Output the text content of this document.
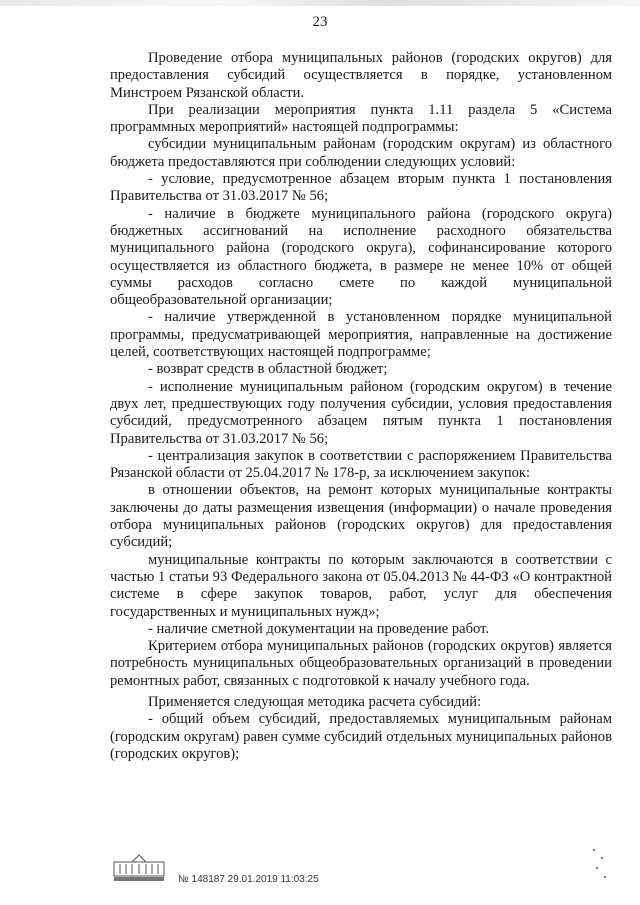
23

Проведение отбора муниципальных районов (городских округов) для предоставления субсидий осуществляется в порядке, установленном Минстроем Рязанской области.

При реализации мероприятия пункта 1.11 раздела 5 «Система программных мероприятий» настоящей подпрограммы:

субсидии муниципальным районам (городским округам) из областного бюджета предоставляются при соблюдении следующих условий:

- условие, предусмотренное абзацем вторым пункта 1 постановления Правительства от 31.03.2017 № 56;

- наличие в бюджете муниципального района (городского округа) бюджетных ассигнований на исполнение расходного обязательства муниципального района (городского округа), софинансирование которого осуществляется из областного бюджета, в размере не менее 10% от общей суммы расходов согласно смете по каждой муниципальной общеобразовательной организации;

- наличие утвержденной в установленном порядке муниципальной программы, предусматривающей мероприятия, направленные на достижение целей, соответствующих настоящей подпрограмме;

- возврат средств в областной бюджет;

- исполнение муниципальным районом (городским округом) в течение двух лет, предшествующих году получения субсидии, условия предоставления субсидий, предусмотренного абзацем пятым пункта 1 постановления Правительства от 31.03.2017 № 56;

- централизация закупок в соответствии с распоряжением Правительства Рязанской области от 25.04.2017 № 178-р, за исключением закупок:

в отношении объектов, на ремонт которых муниципальные контракты заключены до даты размещения извещения (информации) о начале проведения отбора муниципальных районов (городских округов) для предоставления субсидий;

муниципальные контракты по которым заключаются в соответствии с частью 1 статьи 93 Федерального закона от 05.04.2013 № 44-ФЗ «О контрактной системе в сфере закупок товаров, работ, услуг для обеспечения государственных и муниципальных нужд»;

- наличие сметной документации на проведение работ.

Критерием отбора муниципальных районов (городских округов) является потребность муниципальных общеобразовательных организаций в проведении ремонтных работ, связанных с подготовкой к началу учебного года.

Применяется следующая методика расчета субсидий:

- общий объем субсидий, предоставляемых муниципальным районам (городским округам) равен сумме субсидий отдельных муниципальных районов (городских округов);

№ 148187 29.01.2019 11:03:25
